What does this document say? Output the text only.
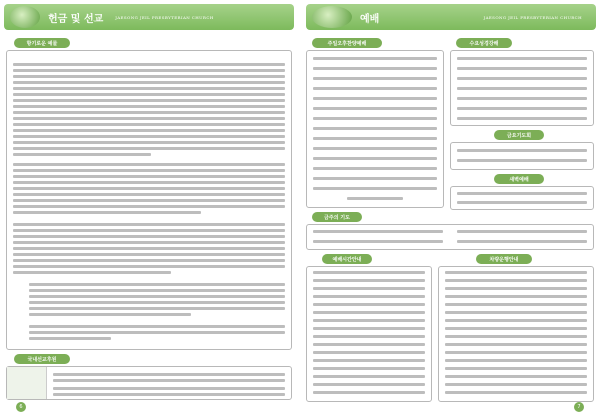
헌금 및 선교	JAESONG JEIL PRESBYTERIAN CHURCH
항기로운 예물
국내선교후원
6
예배	JAESONG JEIL PRESBYTERIAN CHURCH
주일오후찬양예배	수요성경강해
금요기도회
새벽예배
금주의 기도
예배시간안내	차량운행안내
7
